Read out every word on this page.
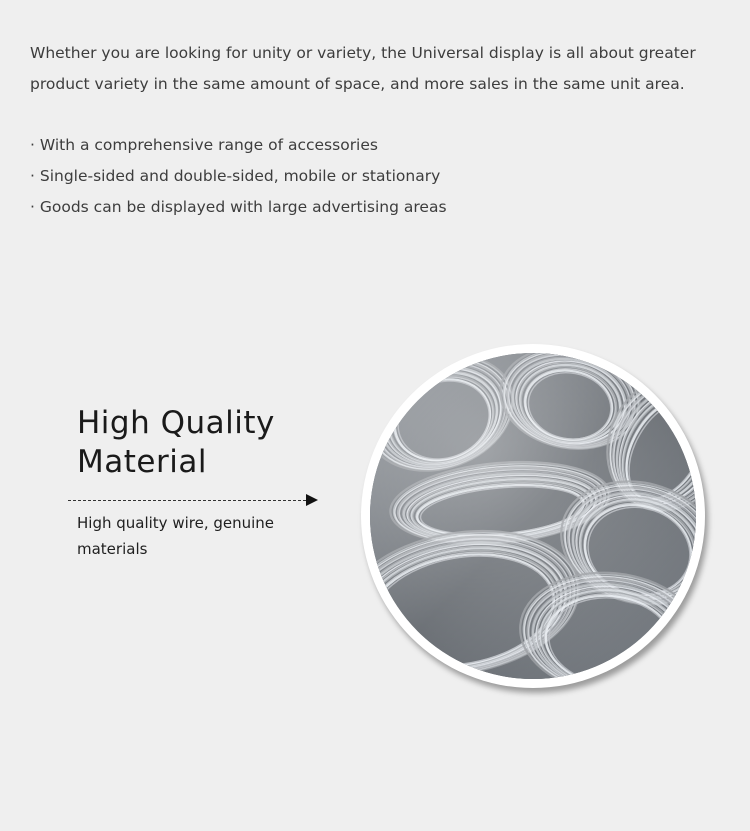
Whether you are looking for unity or variety, the Universal display is all about greater product variety in the same amount of space, and more sales in the same unit area.

· With a comprehensive range of accessories
· Single-sided and double-sided, mobile or stationary
· Goods can be displayed with large advertising areas
High Quality
Material

High quality wire, genuine materials
